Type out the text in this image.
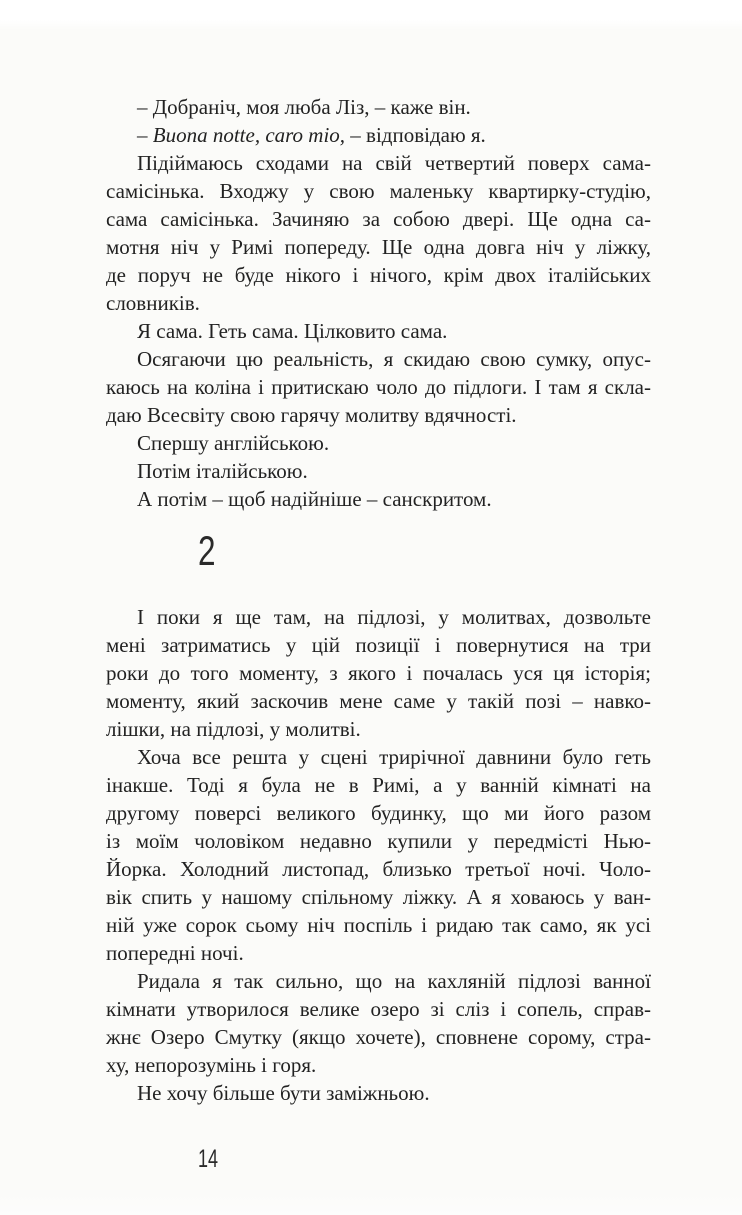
– Добраніч, моя люба Ліз, – каже він.
– Buona notte, caro mio, – відповідаю я.
Підіймаюсь сходами на свій четвертий поверх сама-
самісінька. Входжу у свою маленьку квартирку-студію,
сама самісінька. Зачиняю за собою двері. Ще одна са-
мотня ніч у Римі попереду. Ще одна довга ніч у ліжку,
де поруч не буде нікого і нічого, крім двох італійських
словників.
Я сама. Геть сама. Цілковито сама.
Осягаючи цю реальність, я скидаю свою сумку, опус-
каюсь на коліна і притискаю чоло до підлоги. І там я скла-
даю Всесвіту свою гарячу молитву вдячності.
Спершу англійською.
Потім італійською.
А потім – щоб надійніше – санскритом.
2
І поки я ще там, на підлозі, у молитвах, дозвольте
мені затриматись у цій позиції і повернутися на три
роки до того моменту, з якого і почалась уся ця історія;
моменту, який заскочив мене саме у такій позі – навко-
лішки, на підлозі, у молитві.
Хоча все решта у сцені трирічної давнини було геть
інакше. Тоді я була не в Римі, а у ванній кімнаті на
другому поверсі великого будинку, що ми його разом
із моїм чоловіком недавно купили у передмісті Нью-
Йорка. Холодний листопад, близько третьої ночі. Чоло-
вік спить у нашому спільному ліжку. А я ховаюсь у ван-
ній уже сорок сьому ніч поспіль і ридаю так само, як усі
попередні ночі.
Ридала я так сильно, що на кахляній підлозі ванної
кімнати утворилося велике озеро зі сліз і сопель, справ-
жнє Озеро Смутку (якщо хочете), сповнене сорому, стра-
ху, непорозумінь і горя.
Не хочу більше бути заміжньою.
14
